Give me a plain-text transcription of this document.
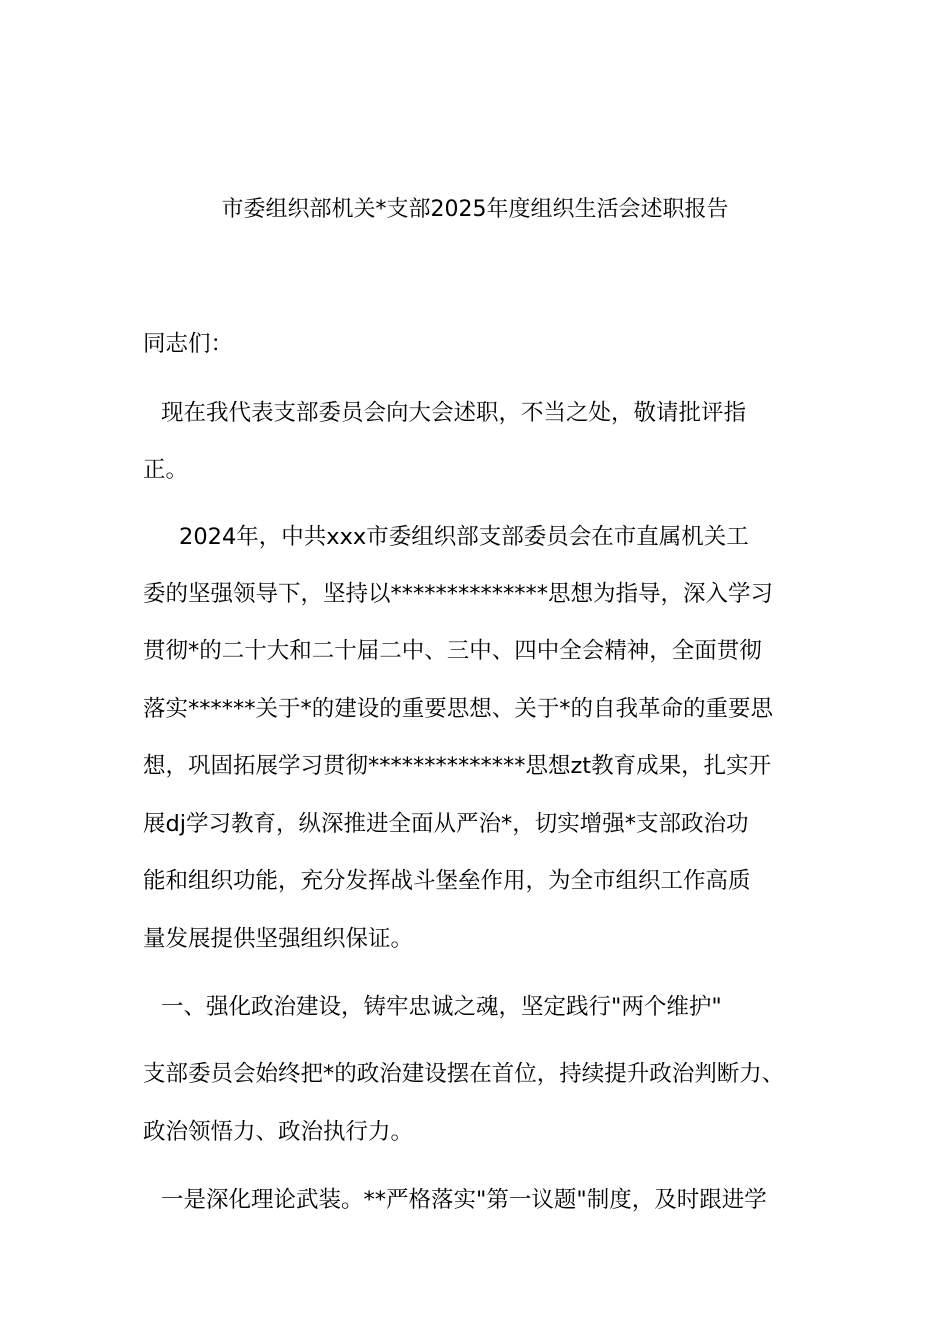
市委组织部机关*支部2025年度组织生活会述职报告
同志们：
现在我代表支部委员会向大会述职，不当之处，敬请批评指
正。
2024年，中共xxx市委组织部支部委员会在市直属机关工
委的坚强领导下，坚持以**************思想为指导，深入学习
贯彻*的二十大和二十届二中、三中、四中全会精神，全面贯彻
落实******关于*的建设的重要思想、关于*的自我革命的重要思
想，巩固拓展学习贯彻**************思想zt教育成果，扎实开
展dj学习教育，纵深推进全面从严治*，切实增强*支部政治功
能和组织功能，充分发挥战斗堡垒作用，为全市组织工作高质
量发展提供坚强组织保证。
一、强化政治建设，铸牢忠诚之魂，坚定践行"两个维护"
支部委员会始终把*的政治建设摆在首位，持续提升政治判断力、
政治领悟力、政治执行力。
一是深化理论武装。**严格落实"第一议题"制度，及时跟进学
